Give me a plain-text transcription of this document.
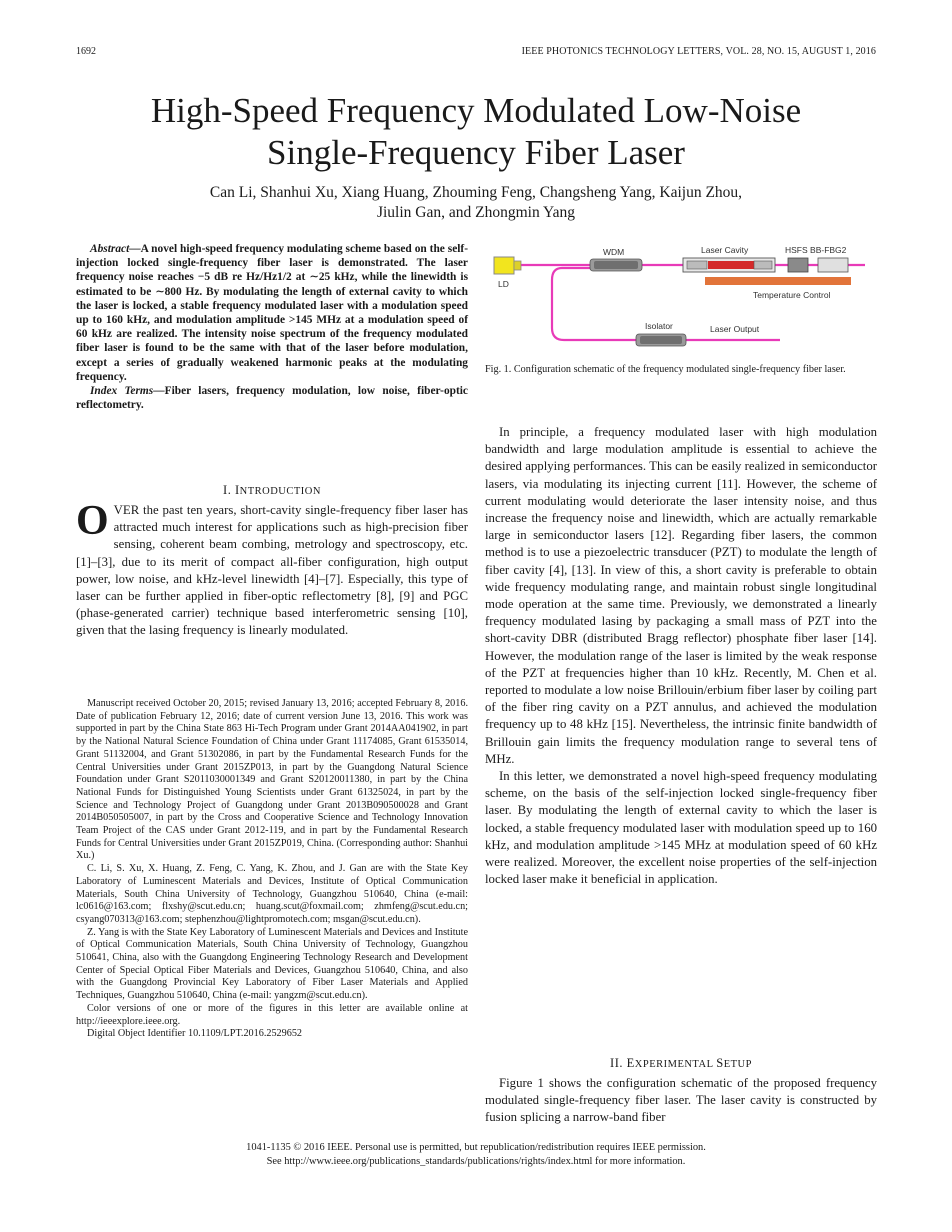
1692	IEEE PHOTONICS TECHNOLOGY LETTERS, VOL. 28, NO. 15, AUGUST 1, 2016
High-Speed Frequency Modulated Low-Noise
Single-Frequency Fiber Laser
Can Li, Shanhui Xu, Xiang Huang, Zhouming Feng, Changsheng Yang, Kaijun Zhou,
Jiulin Gan, and Zhongmin Yang

Abstract—A novel high-speed frequency modulating scheme based on the self-injection locked single-frequency fiber laser is demonstrated. The laser frequency noise reaches −5 dB re Hz/Hz1/2 at ∼25 kHz, while the linewidth is estimated to be ∼800 Hz. By modulating the length of external cavity to which the laser is locked, a stable frequency modulated laser with a modulation speed up to 160 kHz, and modulation amplitude >145 MHz at a modulation speed of 60 kHz are realized. The intensity noise spectrum of the frequency modulated fiber laser is found to be the same with that of the laser before modulation, except a series of gradually weakened harmonic peaks at the modulating frequency.

Index Terms—Fiber lasers, frequency modulation, low noise, fiber-optic reflectometry.

I. INTRODUCTION

OVER the past ten years, short-cavity single-frequency fiber laser has attracted much interest for applications such as high-precision fiber sensing, coherent beam combing, metrology and spectroscopy, etc. [1]–[3], due to its merit of compact all-fiber configuration, high output power, low noise, and kHz-level linewidth [4]–[7]. Especially, this type of laser can be further applied in fiber-optic reflectometry [8], [9] and PGC (phase-generated carrier) technique based interferometric sensing [10], given that the lasing frequency is linearly modulated.

Manuscript received October 20, 2015; revised January 13, 2016; accepted February 8, 2016. Date of publication February 12, 2016; date of current version June 13, 2016. This work was supported in part by the China State 863 Hi-Tech Program under Grant 2014AA041902, in part by the National Natural Science Foundation of China under Grant 11174085, Grant 61535014, Grant 51132004, and Grant 51302086, in part by the Fundamental Research Funds for the Central Universities under Grant 2015ZP013, in part by the Guangdong Natural Science Foundation under Grant S2011030001349 and Grant S20120011380, in part by the China National Funds for Distinguished Young Scientists under Grant 61325024, in part by the Science and Technology Project of Guangdong under Grant 2013B090500028 and Grant 2014B050505007, in part by the Cross and Cooperative Science and Technology Innovation Team Project of the CAS under Grant 2012-119, and in part by the Fundamental Research Funds for Central Universities under Grant 2015ZP019, China. (Corresponding author: Shanhui Xu.)

C. Li, S. Xu, X. Huang, Z. Feng, C. Yang, K. Zhou, and J. Gan are with the State Key Laboratory of Luminescent Materials and Devices, Institute of Optical Communication Materials, South China University of Technology, Guangzhou 510640, China (e-mail: lc0616@163.com; flxshy@scut.edu.cn; huang.scut@foxmail.com; zhmfeng@scut.edu.cn; csyang070313@163.com; stephenzhou@lightpromotech.com; msgan@scut.edu.cn).

Z. Yang is with the State Key Laboratory of Luminescent Materials and Devices and Institute of Optical Communication Materials, South China University of Technology, Guangzhou 510641, China, also with the Guangdong Engineering Technology Research and Development Center of Special Optical Fiber Materials and Devices, Guangzhou 510640, China, and also with the Guangdong Provincial Key Laboratory of Fiber Laser Materials and Applied Techniques, Guangzhou 510640, China (e-mail: yangzm@scut.edu.cn).

Color versions of one or more of the figures in this letter are available online at http://ieeexplore.ieee.org.

Digital Object Identifier 10.1109/LPT.2016.2529652

LD
WDM	Laser Cavity	HSFS BB-FBG2
Temperature Control
Isolator	Laser Output
Fig. 1. Configuration schematic of the frequency modulated single-frequency fiber laser.

In principle, a frequency modulated laser with high modulation bandwidth and large modulation amplitude is essential to achieve the desired applying performances. This can be easily realized in semiconductor lasers, via modulating its injecting current [11]. However, the scheme of current modulating would deteriorate the laser intensity noise, and thus increase the frequency noise and linewidth, which are actually remarkable large in semiconductor lasers [12]. Regarding fiber lasers, the common method is to use a piezoelectric transducer (PZT) to modulate the length of fiber cavity [4], [13]. In view of this, a short cavity is preferable to obtain wide frequency modulating range, and maintain robust single longitudinal mode operation at the same time. Previously, we demonstrated a linearly frequency modulated lasing by packaging a small mass of PZT into the short-cavity DBR (distributed Bragg reflector) phosphate fiber laser [14]. However, the modulation range of the laser is limited by the weak response of the PZT at frequencies higher than 10 kHz. Recently, M. Chen et al. reported to modulate a low noise Brillouin/erbium fiber laser by coiling part of the fiber ring cavity on a PZT annulus, and achieved the modulation frequency up to 48 kHz [15]. Nevertheless, the intrinsic finite bandwidth of Brillouin gain limits the frequency modulation range to several tens of MHz.

In this letter, we demonstrated a novel high-speed frequency modulating scheme, on the basis of the self-injection locked single-frequency fiber laser. By modulating the length of external cavity to which the laser is locked, a stable frequency modulated laser with modulation speed up to 160 kHz, and modulation amplitude >145 MHz at modulation speed of 60 kHz were realized. Moreover, the excellent noise properties of the self-injection locked laser make it beneficial in application.

II. EXPERIMENTAL SETUP

Figure 1 shows the configuration schematic of the proposed frequency modulated single-frequency fiber laser. The laser cavity is constructed by fusion splicing a narrow-band fiber

1041-1135 © 2016 IEEE. Personal use is permitted, but republication/redistribution requires IEEE permission.
See http://www.ieee.org/publications_standards/publications/rights/index.html for more information.
